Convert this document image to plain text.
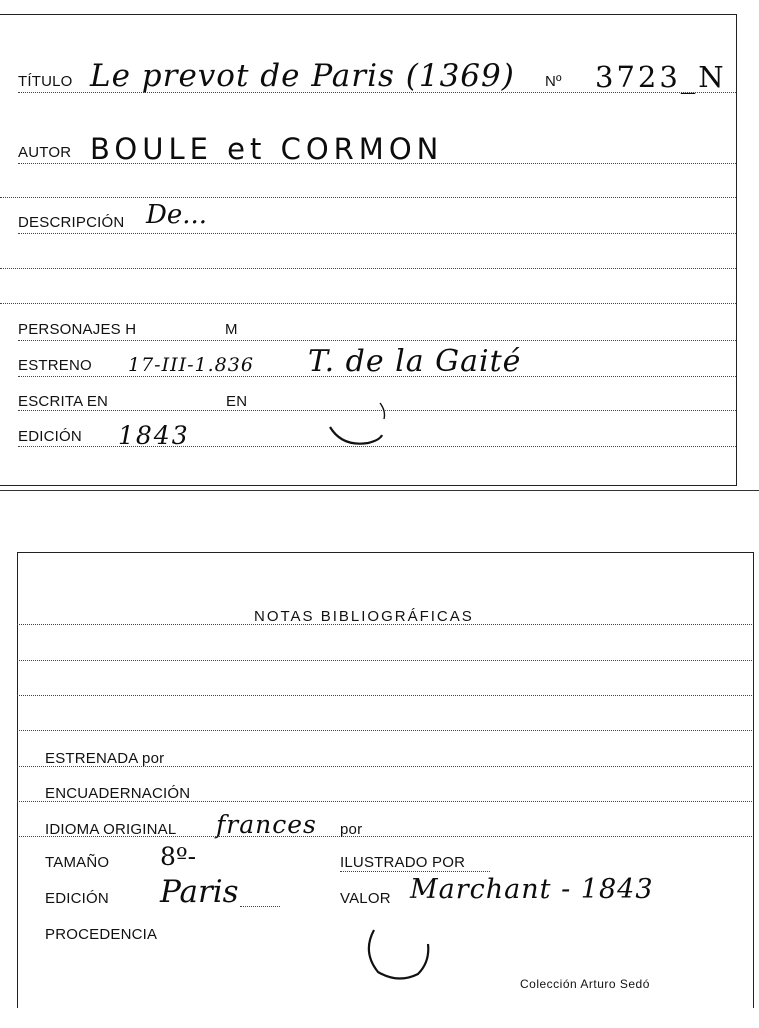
TÍTULO Le prevot de Paris (1369) Nº 3723_N
AUTOR BOULE et CORMON
DESCRIPCIÓN De...
PERSONAJES H	M
ESTRENO 17-III-1.836 T. de la Gaité
ESCRITA EN	EN
EDICIÓN 1843
NOTAS BIBLIOGRÁFICAS
ESTRENADA por
ENCUADERNACIÓN
IDIOMA ORIGINAL frances por
TAMAÑO 8º-	ILUSTRADO POR
EDICIÓN Paris	VALOR Marchant - 1843
PROCEDENCIA
Colección Arturo Sedó
